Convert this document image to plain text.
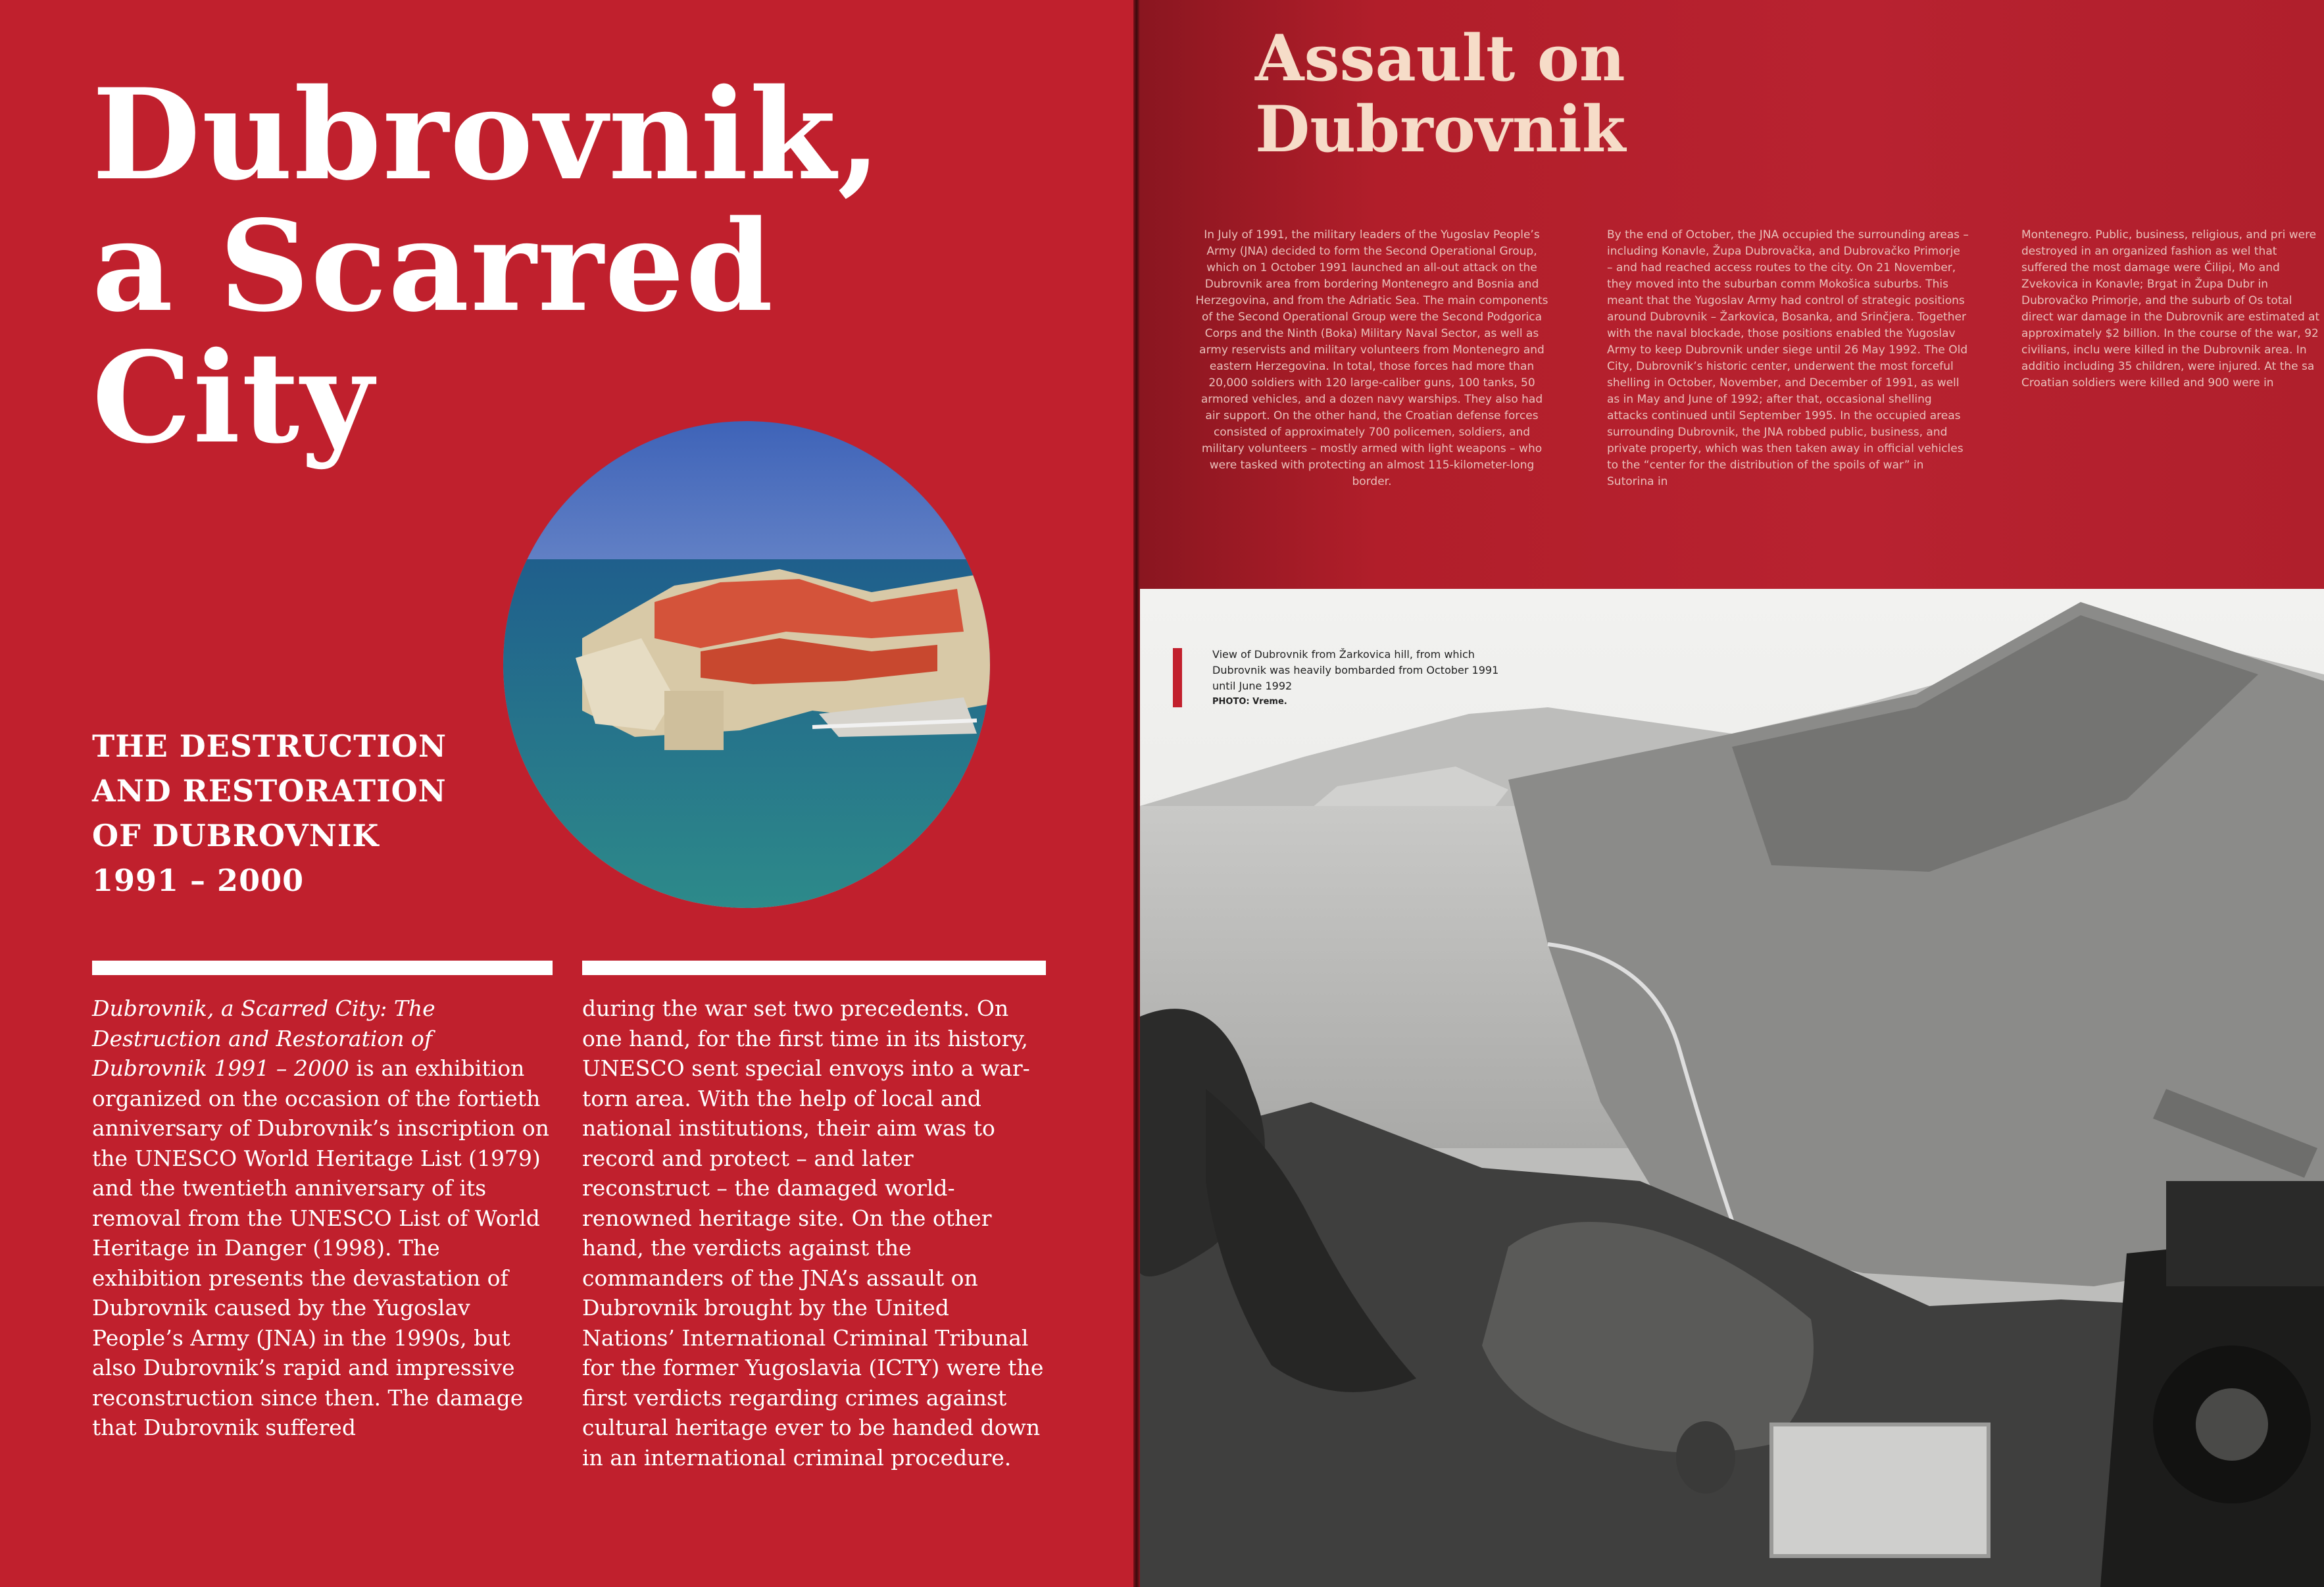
Dubrovnik,
a Scarred
City
THE DESTRUCTION
AND RESTORATION
OF DUBROVNIK
1991 – 2000

Dubrovnik, a Scarred City: The Destruction and Restoration of Dubrovnik 1991 – 2000 is an exhibition organized on the occasion of the fortieth anniversary of Dubrovnik’s inscription on the UNESCO World Heritage List (1979) and the twentieth anniversary of its removal from the UNESCO List of World Heritage in Danger (1998). The exhibition presents the devastation of Dubrovnik caused by the Yugoslav People’s Army (JNA) in the 1990s, but also Dubrovnik’s rapid and impressive reconstruction since then. The damage that Dubrovnik suffered

during the war set two precedents. On one hand, for the first time in its history, UNESCO sent special envoys into a war-torn area. With the help of local and national institutions, their aim was to record and protect – and later reconstruct – the damaged world-renowned heritage site. On the other hand, the verdicts against the commanders of the JNA’s assault on Dubrovnik brought by the United Nations’ International Criminal Tribunal for the former Yugoslavia (ICTY) were the first verdicts regarding crimes against cultural heritage ever to be handed down in an international criminal procedure.

Assault on
Dubrovnik

In July of 1991, the military leaders of the Yugoslav People’s Army (JNA) decided to form the Second Operational Group, which on 1 October 1991 launched an all-out attack on the Dubrovnik area from bordering Montenegro and Bosnia and Herzegovina, and from the Adriatic Sea. The main components of the Second Operational Group were the Second Podgorica Corps and the Ninth (Boka) Military Naval Sector, as well as army reservists and military volunteers from Montenegro and eastern Herzegovina. In total, those forces had more than 20,000 soldiers with 120 large-caliber guns, 100 tanks, 50 armored vehicles, and a dozen navy warships. They also had air support. On the other hand, the Croatian defense forces consisted of approximately 700 policemen, soldiers, and military volunteers – mostly armed with light weapons – who were tasked with protecting an almost 115-kilometer-long border.

By the end of October, the JNA occupied the surrounding areas – including Konavle, Župa Dubrovačka, and Dubrovačko Primorje – and had reached access routes to the city. On 21 November, they moved into the suburban comm Mokošica suburbs. This meant that the Yugoslav Army had control of strategic positions around Dubrovnik – Žarkovica, Bosanka, and Srinčjera. Together with the naval blockade, those positions enabled the Yugoslav Army to keep Dubrovnik under siege until 26 May 1992. The Old City, Dubrovnik’s historic center, underwent the most forceful shelling in October, November, and December of 1991, as well as in May and June of 1992; after that, occasional shelling attacks continued until September 1995. In the occupied areas surrounding Dubrovnik, the JNA robbed public, business, and private property, which was then taken away in official vehicles to the “center for the distribution of the spoils of war” in Sutorina in

Montenegro. Public, business, religious, and pri were destroyed in an organized fashion as wel that suffered the most damage were Čilipi, Mo and Zvekovica in Konavle; Brgat in Župa Dubr in Dubrovačko Primorje, and the suburb of Os total direct war damage in the Dubrovnik are estimated at approximately $2 billion. In the course of the war, 92 civilians, inclu were killed in the Dubrovnik area. In additio including 35 children, were injured. At the sa Croatian soldiers were killed and 900 were in

View of Dubrovnik from Žarkovica hill, from which Dubrovnik was heavily bombarded from October 1991 until June 1992
PHOTO: Vreme.
